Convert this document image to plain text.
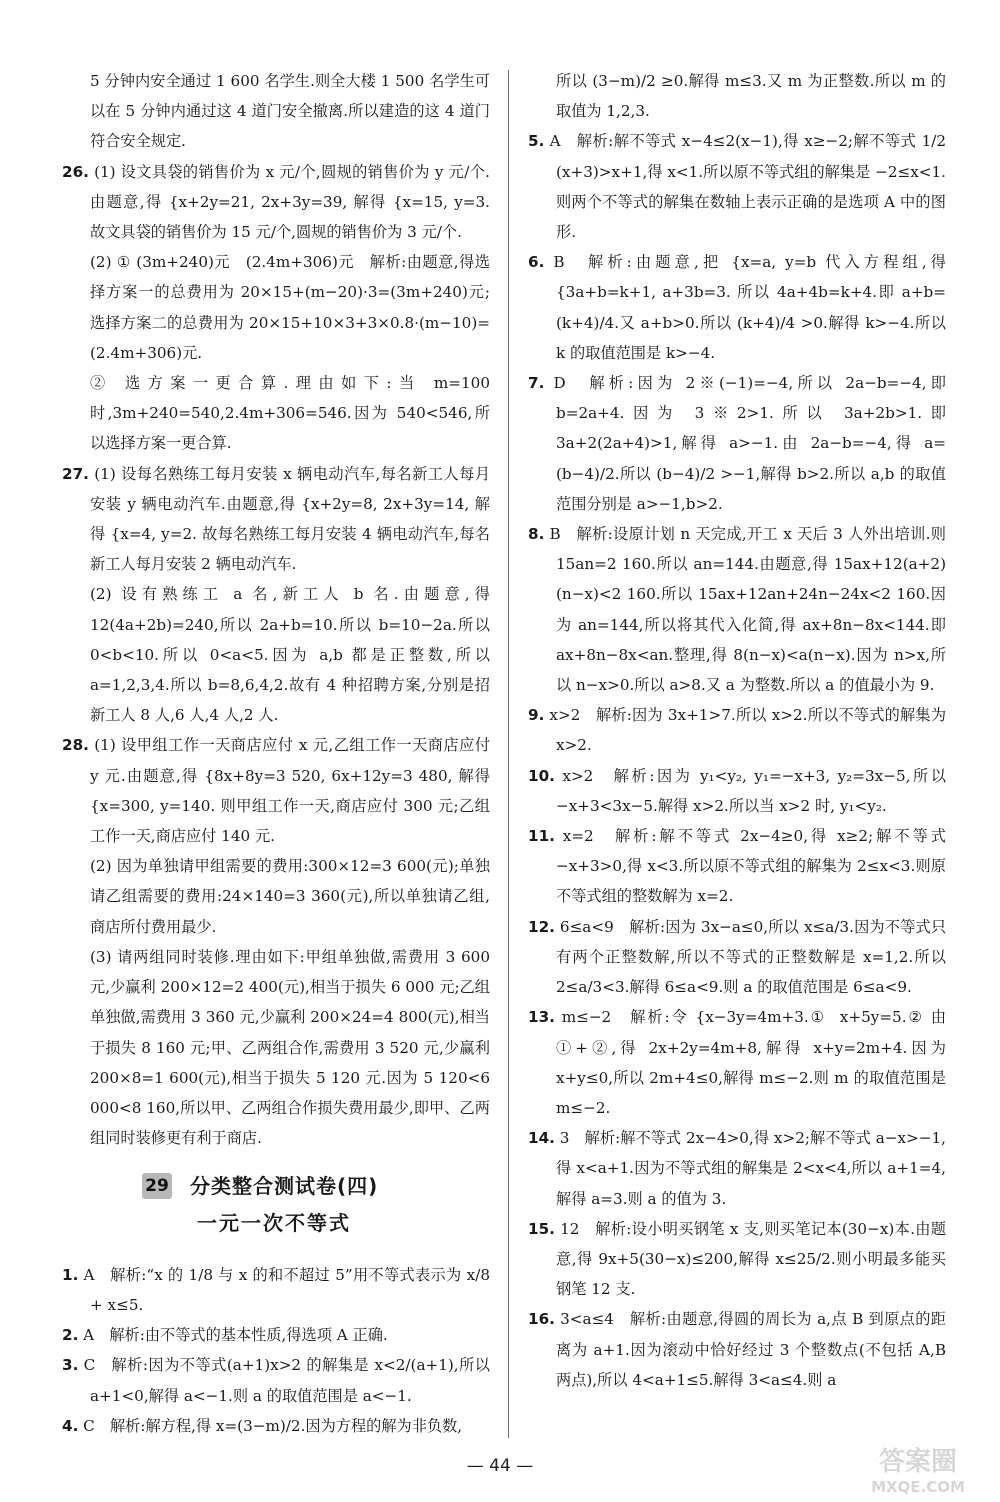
5 分钟内安全通过 1 600 名学生.则全大楼 1 500 名学生可以在 5 分钟内通过这 4 道门安全撤离.所以建造的这 4 道门符合安全规定.

26. (1) 设文具袋的销售价为 x 元/个,圆规的销售价为 y 元/个.由题意,得 {x+2y=21, 2x+3y=39, 解得 {x=15, y=3. 故文具袋的销售价为 15 元/个,圆规的销售价为 3 元/个.

(2) ① (3m+240)元　(2.4m+306)元　解析:由题意,得选择方案一的总费用为 20×15+(m−20)·3=(3m+240)元;选择方案二的总费用为 20×15+10×3+3×0.8·(m−10)=(2.4m+306)元.

② 选方案一更合算.理由如下:当 m=100 时,3m+240=540,2.4m+306=546.因为 540<546,所以选择方案一更合算.

27. (1) 设每名熟练工每月安装 x 辆电动汽车,每名新工人每月安装 y 辆电动汽车.由题意,得 {x+2y=8, 2x+3y=14, 解得 {x=4, y=2. 故每名熟练工每月安装 4 辆电动汽车,每名新工人每月安装 2 辆电动汽车.

(2) 设有熟练工 a 名,新工人 b 名.由题意,得 12(4a+2b)=240,所以 2a+b=10.所以 b=10−2a.所以 0<b<10.所以 0<a<5.因为 a,b 都是正整数,所以 a=1,2,3,4.所以 b=8,6,4,2.故有 4 种招聘方案,分别是招新工人 8 人,6 人,4 人,2 人.

28. (1) 设甲组工作一天商店应付 x 元,乙组工作一天商店应付 y 元.由题意,得 {8x+8y=3 520, 6x+12y=3 480, 解得 {x=300, y=140. 则甲组工作一天,商店应付 300 元;乙组工作一天,商店应付 140 元.

(2) 因为单独请甲组需要的费用:300×12=3 600(元);单独请乙组需要的费用:24×140=3 360(元),所以单独请乙组,商店所付费用最少.

(3) 请两组同时装修.理由如下:甲组单独做,需费用 3 600 元,少赢利 200×12=2 400(元),相当于损失 6 000 元;乙组单独做,需费用 3 360 元,少赢利 200×24=4 800(元),相当于损失 8 160 元;甲、乙两组合作,需费用 3 520 元,少赢利 200×8=1 600(元),相当于损失 5 120 元.因为 5 120<6 000<8 160,所以甲、乙两组合作损失费用最少,即甲、乙两组同时装修更有利于商店.

29 分类整合测试卷(四)
一元一次不等式

1. A　解析:“x 的 1/8 与 x 的和不超过 5”用不等式表示为 x/8 + x≤5.

2. A　解析:由不等式的基本性质,得选项 A 正确.

3. C　解析:因为不等式(a+1)x>2 的解集是 x<2/(a+1),所以 a+1<0,解得 a<−1.则 a 的取值范围是 a<−1.

4. C　解析:解方程,得 x=(3−m)/2.因为方程的解为非负数,

所以 (3−m)/2 ≥0.解得 m≤3.又 m 为正整数.所以 m 的取值为 1,2,3.

5. A　解析:解不等式 x−4≤2(x−1),得 x≥−2;解不等式 1/2 (x+3)>x+1,得 x<1.所以原不等式组的解集是 −2≤x<1.则两个不等式的解集在数轴上表示正确的是选项 A 中的图形.

6. B　解析:由题意,把 {x=a, y=b 代入方程组,得 {3a+b=k+1, a+3b=3. 所以 4a+4b=k+4.即 a+b=(k+4)/4.又 a+b>0.所以 (k+4)/4 >0.解得 k>−4.所以 k 的取值范围是 k>−4.

7. D　解析:因为 2※(−1)=−4,所以 2a−b=−4,即 b=2a+4.因为 3※2>1.所以 3a+2b>1.即 3a+2(2a+4)>1,解得 a>−1.由 2a−b=−4,得 a=(b−4)/2.所以 (b−4)/2 >−1,解得 b>2.所以 a,b 的取值范围分别是 a>−1,b>2.

8. B　解析:设原计划 n 天完成,开工 x 天后 3 人外出培训.则 15an=2 160.所以 an=144.由题意,得 15ax+12(a+2)(n−x)<2 160.所以 15ax+12an+24n−24x<2 160.因为 an=144,所以将其代入化简,得 ax+8n−8x<144.即 ax+8n−8x<an.整理,得 8(n−x)<a(n−x).因为 n>x,所以 n−x>0.所以 a>8.又 a 为整数.所以 a 的值最小为 9.

9. x>2　解析:因为 3x+1>7.所以 x>2.所以不等式的解集为 x>2.

10. x>2　解析:因为 y₁<y₂, y₁=−x+3, y₂=3x−5,所以 −x+3<3x−5.解得 x>2.所以当 x>2 时, y₁<y₂.

11. x=2　解析:解不等式 2x−4≥0,得 x≥2;解不等式 −x+3>0,得 x<3.所以原不等式组的解集为 2≤x<3.则原不等式组的整数解为 x=2.

12. 6≤a<9　解析:因为 3x−a≤0,所以 x≤a/3.因为不等式只有两个正整数解,所以不等式的正整数解是 x=1,2.所以 2≤a/3<3.解得 6≤a<9.则 a 的取值范围是 6≤a<9.

13. m≤−2　解析:令 {x−3y=4m+3.①  x+5y=5.② 由①+②,得 2x+2y=4m+8,解得 x+y=2m+4.因为 x+y≤0,所以 2m+4≤0,解得 m≤−2.则 m 的取值范围是 m≤−2.

14. 3　解析:解不等式 2x−4>0,得 x>2;解不等式 a−x>−1,得 x<a+1.因为不等式组的解集是 2<x<4,所以 a+1=4,解得 a=3.则 a 的值为 3.

15. 12　解析:设小明买钢笔 x 支,则买笔记本(30−x)本.由题意,得 9x+5(30−x)≤200,解得 x≤25/2.则小明最多能买钢笔 12 支.

16. 3<a≤4　解析:由题意,得圆的周长为 a,点 B 到原点的距离为 a+1.因为滚动中恰好经过 3 个整数点(不包括 A,B 两点),所以 4<a+1≤5.解得 3<a≤4.则 a

— 44 —	答案圈
MXQE.COM
